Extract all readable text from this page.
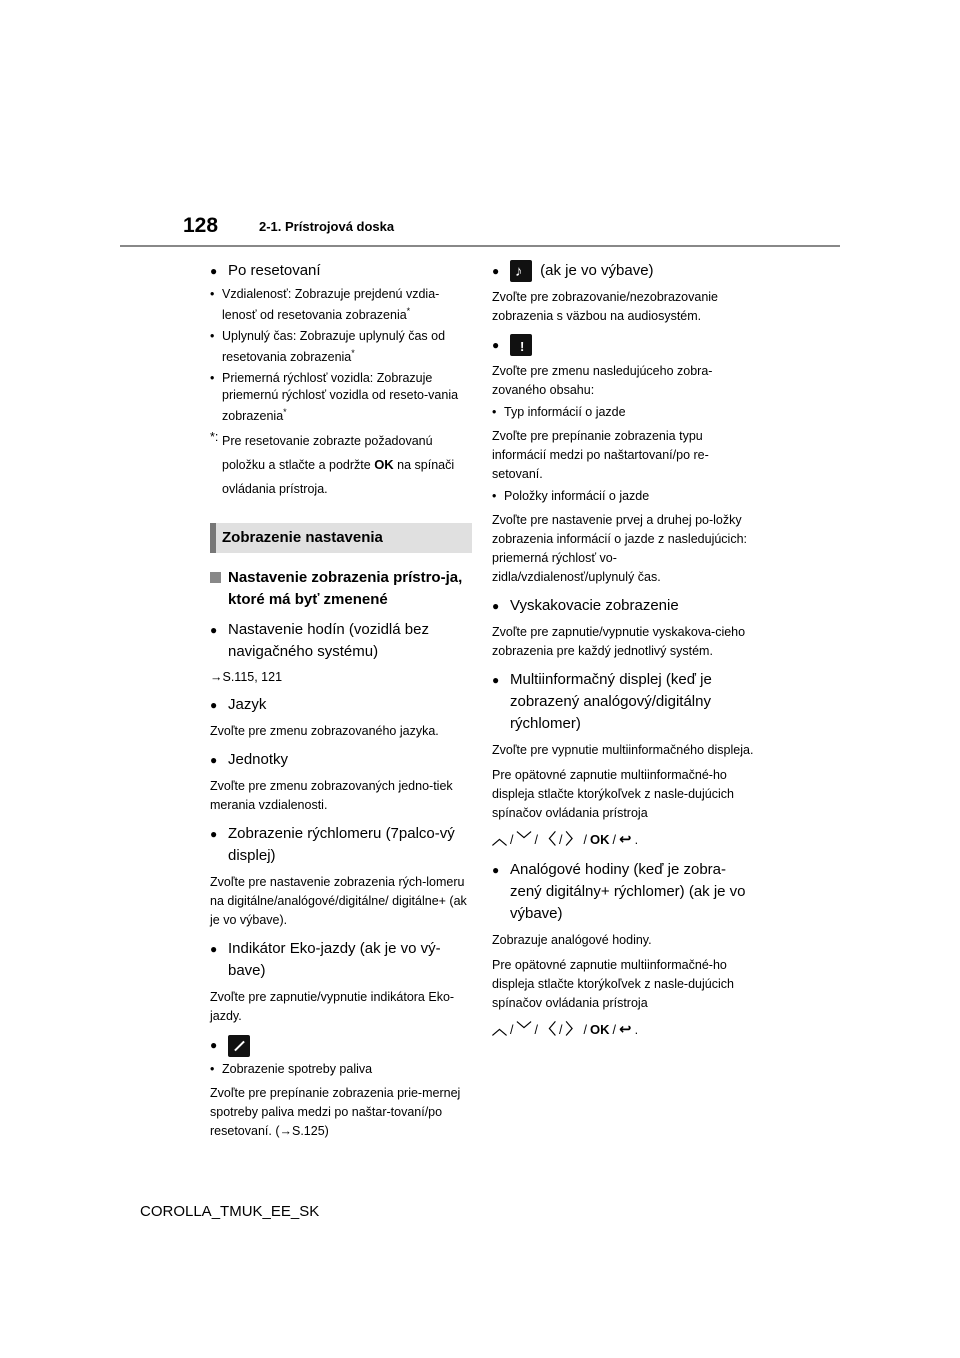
128	2-1. Prístrojová doska
● Po resetovaní
• Vzdialenosť: Zobrazuje prejdenú vzdia-lenosť od resetovania zobrazenia*
• Uplynulý čas: Zobrazuje uplynulý čas od resetovania zobrazenia*
• Priemerná rýchlosť vozidla: Zobrazuje priemernú rýchlosť vozidla od reseto-vania zobrazenia*
*: Pre resetovanie zobrazte požadovanú položku a stlačte a podržte OK na spínači ovládania prístroja.
Zobrazenie nastavenia
Nastavenie zobrazenia prístro-ja, ktoré má byť zmenené
● Nastavenie hodín (vozidlá bez navigačného systému)
→S.115, 121
● Jazyk
Zvoľte pre zmenu zobrazovaného jazyka.
● Jednotky
Zvoľte pre zmenu zobrazovaných jedno-tiek merania vzdialenosti.
● Zobrazenie rýchlomeru (7palco-vý displej)
Zvoľte pre nastavenie zobrazenia rých-lomeru na digitálne/analógové/digitálne/ digitálne+ (ak je vo výbave).
● Indikátor Eko-jazdy (ak je vo vý-bave)
Zvoľte pre zapnutie/vypnutie indikátora Eko-jazdy.
●
• Zobrazenie spotreby paliva
Zvoľte pre prepínanie zobrazenia prie-mernej spotreby paliva medzi po naštar-tovaní/po resetovaní. (→S.125)
♪ ● (ak je vo výbave)
Zvoľte pre zobrazovanie/nezobrazovanie zobrazenia s väzbou na audiosystém.
● !
Zvoľte pre zmenu nasledujúceho zobra-zovaného obsahu:
• Typ informácií o jazde
Zvoľte pre prepínanie zobrazenia typu informácií medzi po naštartovaní/po re-setovaní.
• Položky informácií o jazde
Zvoľte pre nastavenie prvej a druhej po-ložky zobrazenia informácií o jazde z nasledujúcich: priemerná rýchlosť vo-zidla/vzdialenosť/uplynulý čas.
● Vyskakovacie zobrazenie
Zvoľte pre zapnutie/vypnutie vyskakova-cieho zobrazenia pre každý jednotlivý systém.
● Multiinformačný displej (keď je zobrazený analógový/digitálny rýchlomer)
Zvoľte pre vypnutie multiinformačného displeja.
Pre opätovné zapnutie multiinformačné-ho displeja stlačte ktorýkoľvek z nasle-dujúcich spínačov ovládania prístroja
︿ / ﹀ / 〈 / 〉 / OK / ↩ .
● Analógové hodiny (keď je zobra-zený digitálny+ rýchlomer) (ak je vo výbave)
Zobrazuje analógové hodiny.
Pre opätovné zapnutie multiinformačné-ho displeja stlačte ktorýkoľvek z nasle-dujúcich spínačov ovládania prístroja
︿ / ﹀ / 〈 / 〉 / OK / ↩ .
COROLLA_TMUK_EE_SK
